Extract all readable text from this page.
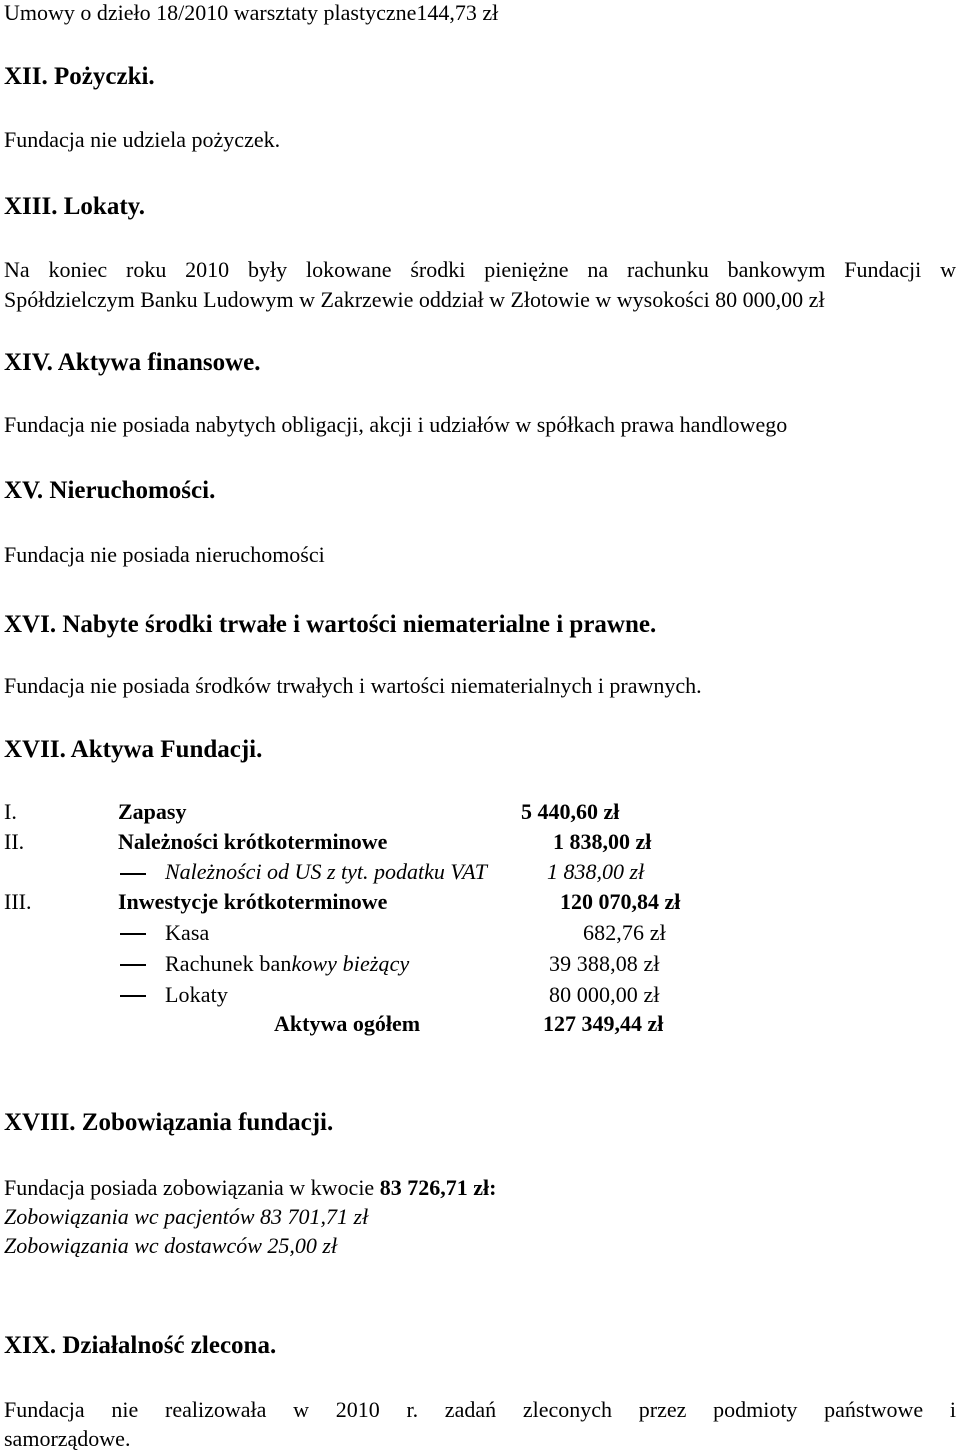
Umowy o dzieło 18/2010 warsztaty plastyczne144,73 zł
XII. Pożyczki.
Fundacja nie udziela pożyczek.
XIII. Lokaty.
Na koniec roku 2010 były lokowane środki pieniężne na rachunku bankowym Fundacji w
Spółdzielczym Banku Ludowym w Zakrzewie oddział w Złotowie w wysokości 80 000,00 zł
XIV. Aktywa finansowe.
Fundacja nie posiada nabytych obligacji, akcji i udziałów w spółkach prawa handlowego
XV. Nieruchomości.
Fundacja nie posiada nieruchomości
XVI. Nabyte środki trwałe i wartości niematerialne i prawne.
Fundacja nie posiada środków trwałych i wartości niematerialnych i prawnych.
XVII. Aktywa Fundacji.
I.	Zapasy	5 440,60 zł
II.	Należności krótkoterminowe	1 838,00 zł
Należności od US z tyt. podatku VAT	1 838,00 zł
III.	Inwestycje krótkoterminowe	120 070,84 zł
Kasa	682,76 zł
Rachunek bankowy bieżący	39 388,08 zł
Lokaty	80 000,00 zł
Aktywa ogółem	127 349,44 zł
XVIII. Zobowiązania fundacji.
Fundacja posiada zobowiązania w kwocie 83 726,71 zł:
Zobowiązania wc pacjentów 83 701,71 zł
Zobowiązania wc dostawców 25,00 zł
XIX. Działalność zlecona.
Fundacja nie realizowała w 2010 r. zadań zleconych przez podmioty państwowe i
samorządowe.
